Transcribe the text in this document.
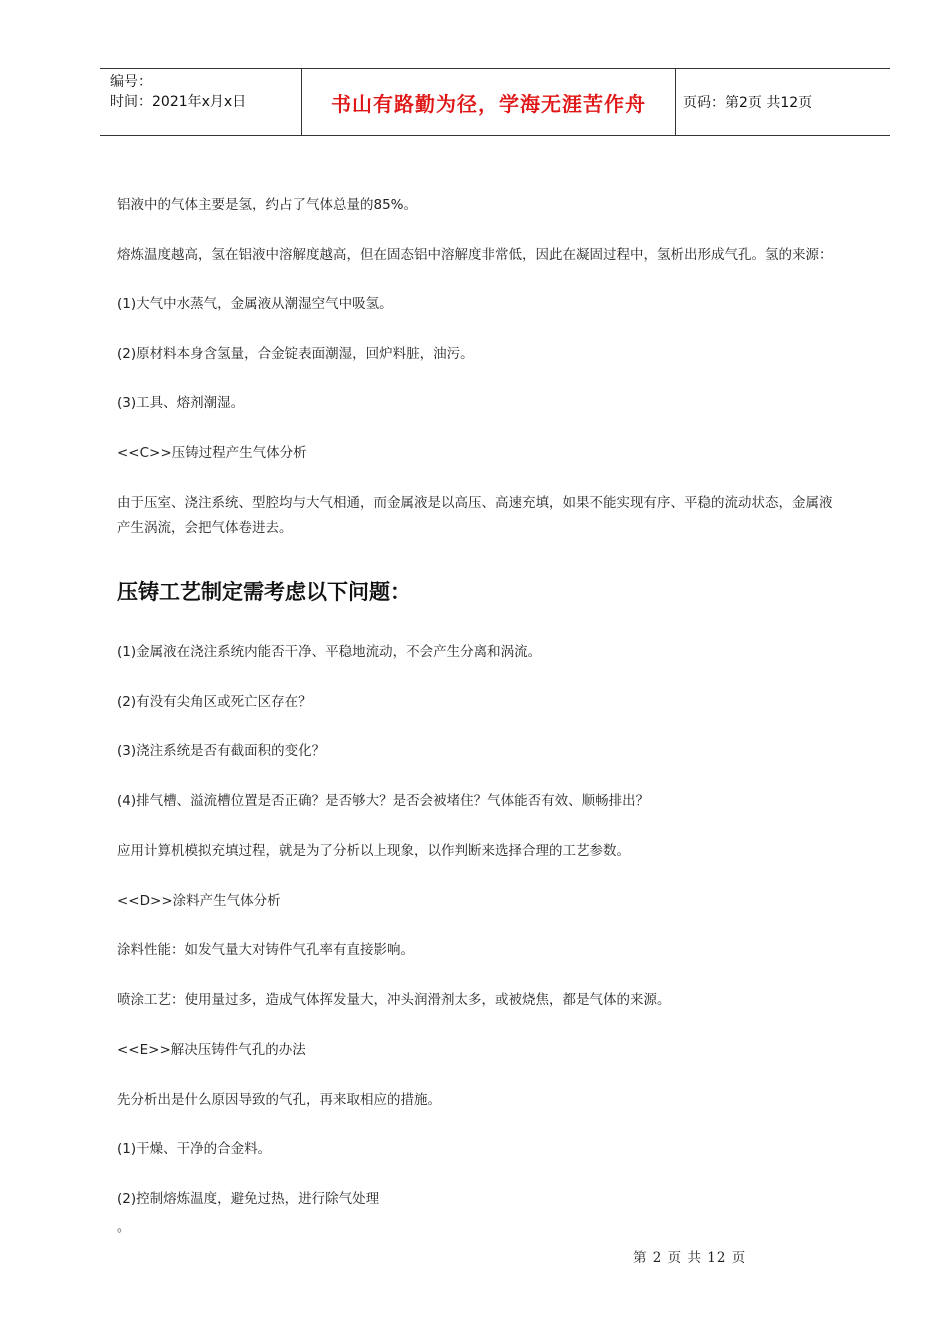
编号：
时间：2021年x月x日	书山有路勤为径，学海无涯苦作舟	页码：第2页 共12页

铝液中的气体主要是氢，约占了气体总量的85%。

熔炼温度越高，氢在铝液中溶解度越高，但在固态铝中溶解度非常低，因此在凝固过程中，氢析出形成气孔。氢的来源：

(1)大气中水蒸气，金属液从潮湿空气中吸氢。

(2)原材料本身含氢量，合金锭表面潮湿，回炉料脏，油污。

(3)工具、熔剂潮湿。

<<C>>压铸过程产生气体分析

由于压室、浇注系统、型腔均与大气相通，而金属液是以高压、高速充填，如果不能实现有序、平稳的流动状态，金属液

产生涡流，会把气体卷进去。

压铸工艺制定需考虑以下问题：

(1)金属液在浇注系统内能否干净、平稳地流动，不会产生分离和涡流。

(2)有没有尖角区或死亡区存在？

(3)浇注系统是否有截面积的变化？

(4)排气槽、溢流槽位置是否正确？是否够大？是否会被堵住？气体能否有效、顺畅排出？

应用计算机模拟充填过程，就是为了分析以上现象，以作判断来选择合理的工艺参数。

<<D>>涂料产生气体分析

涂料性能：如发气量大对铸件气孔率有直接影响。

喷涂工艺：使用量过多，造成气体挥发量大，冲头润滑剂太多，或被烧焦，都是气体的来源。

<<E>>解决压铸件气孔的办法

先分析出是什么原因导致的气孔，再来取相应的措施。

(1)干燥、干净的合金料。

(2)控制熔炼温度，避免过热，进行除气处理

。
第 2 页 共 12 页
